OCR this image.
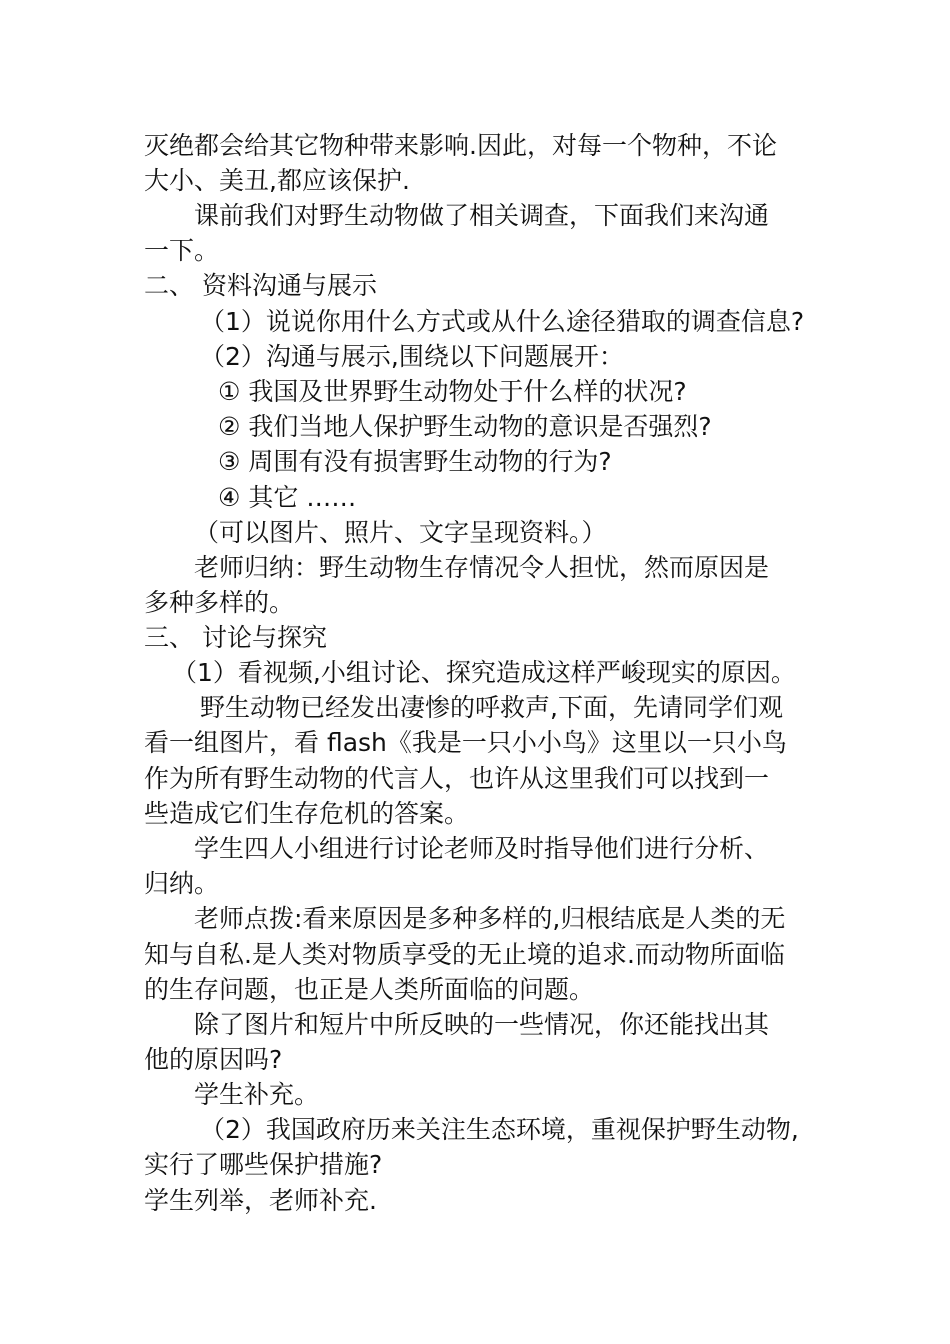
灭绝都会给其它物种带来影响.因此，对每一个物种，不论
大小、美丑,都应该保护.
课前我们对野生动物做了相关调查，下面我们来沟通
一下。
二、 资料沟通与展示
（1）说说你用什么方式或从什么途径猎取的调查信息?
（2）沟通与展示,围绕以下问题展开：
① 我国及世界野生动物处于什么样的状况?
② 我们当地人保护野生动物的意识是否强烈?
③ 周围有没有损害野生动物的行为?
④ 其它 ……
（可以图片、照片、文字呈现资料。）
老师归纳：野生动物生存情况令人担忧，然而原因是
多种多样的。
三、 讨论与探究
（1）看视频,小组讨论、探究造成这样严峻现实的原因。
野生动物已经发出凄惨的呼救声,下面，先请同学们观
看一组图片，看 flash《我是一只小小鸟》这里以一只小鸟
作为所有野生动物的代言人，也许从这里我们可以找到一
些造成它们生存危机的答案。
学生四人小组进行讨论老师及时指导他们进行分析、
归纳。
老师点拨:看来原因是多种多样的,归根结底是人类的无
知与自私.是人类对物质享受的无止境的追求.而动物所面临
的生存问题，也正是人类所面临的问题。
除了图片和短片中所反映的一些情况，你还能找出其
他的原因吗?
学生补充。
（2）我国政府历来关注生态环境，重视保护野生动物,
实行了哪些保护措施?
学生列举，老师补充.
